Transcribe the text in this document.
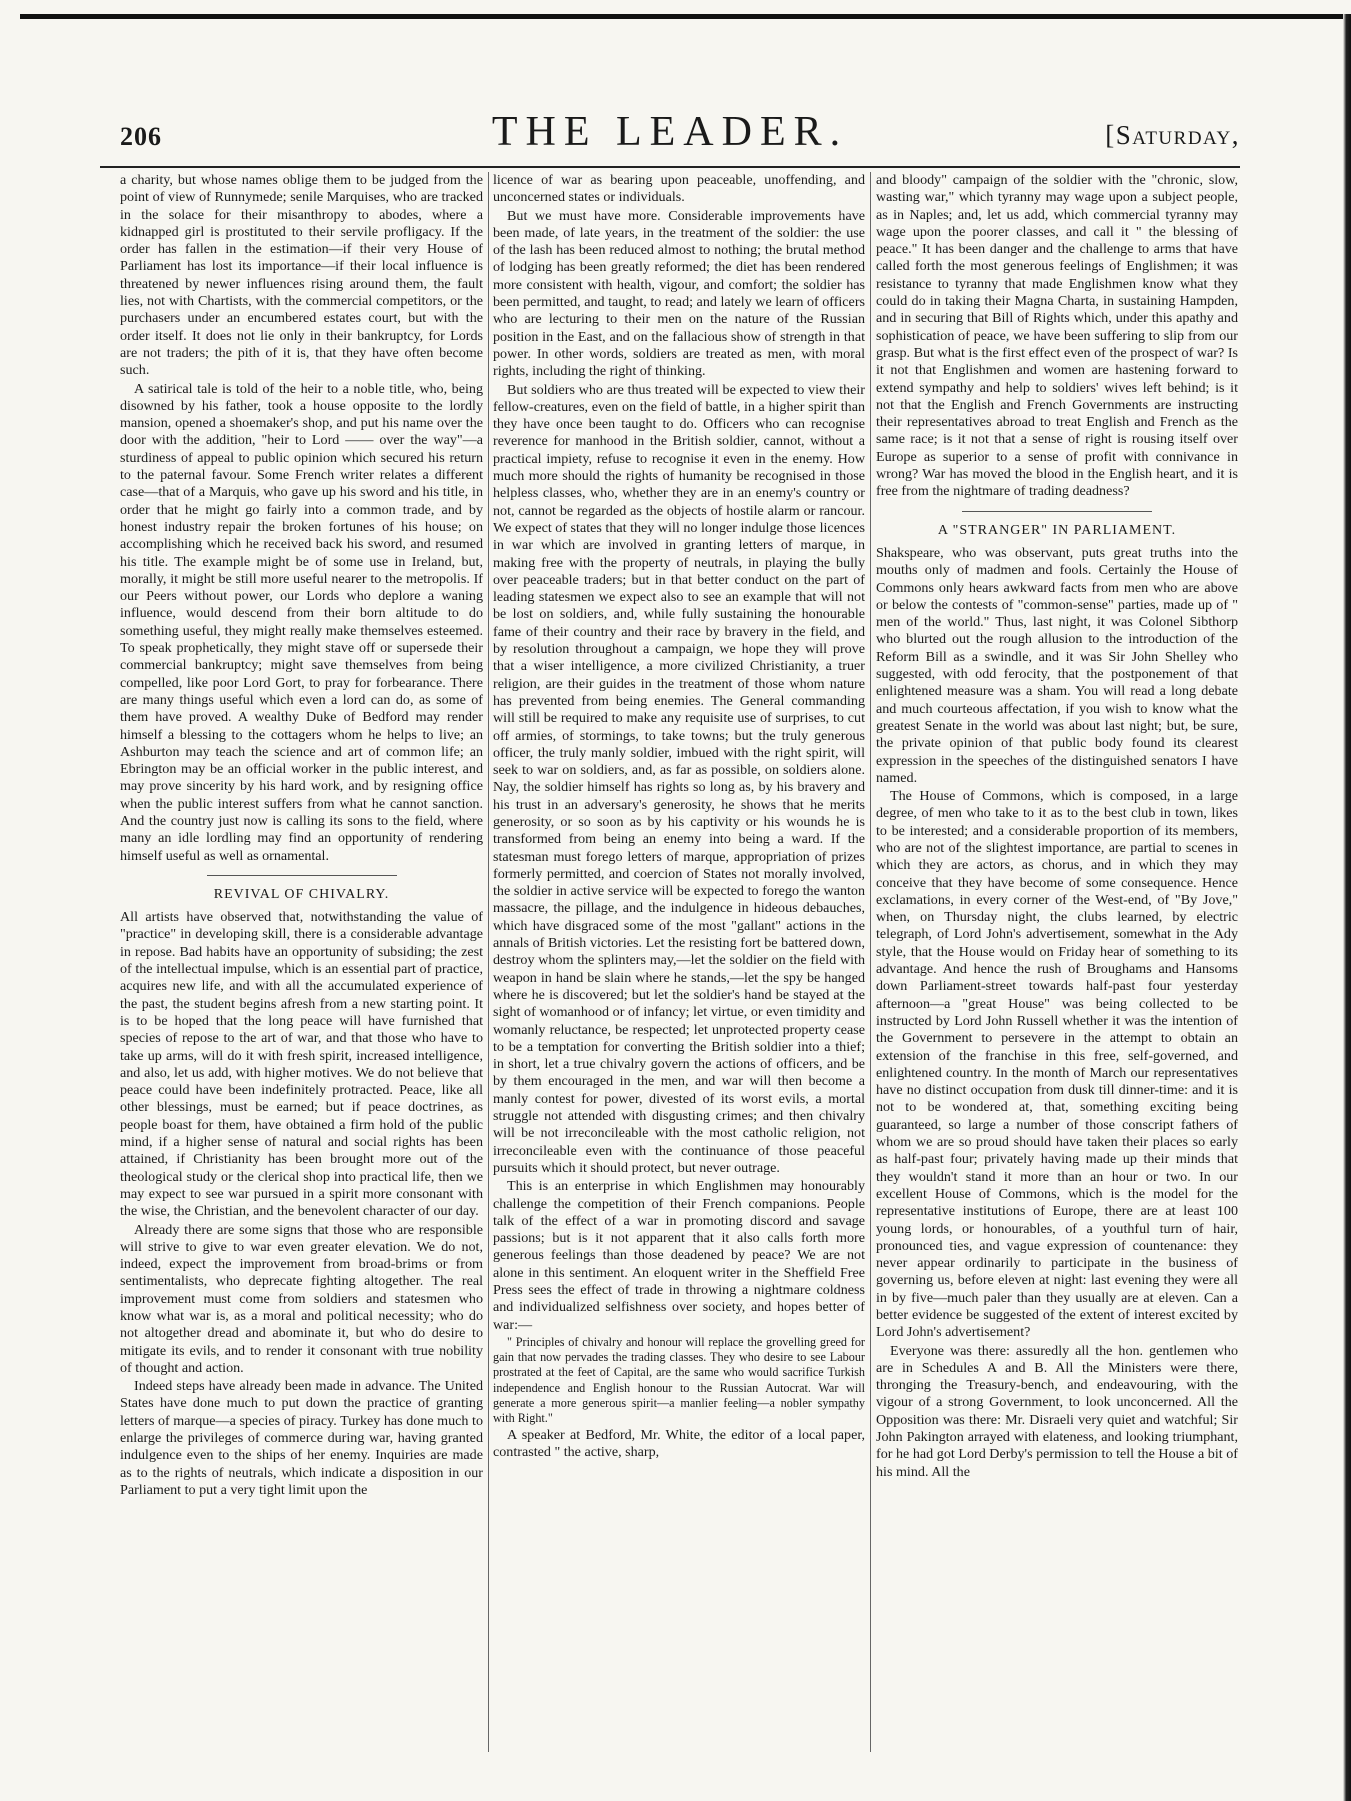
206	THE LEADER.	[Saturday,

a charity, but whose names oblige them to be judged from the point of view of Runnymede; senile Marquises, who are tracked in the solace for their misanthropy to abodes, where a kidnapped girl is prostituted to their servile profligacy. If the order has fallen in the estimation—if their very House of Parliament has lost its importance—if their local influence is threatened by newer influences rising around them, the fault lies, not with Chartists, with the commercial competitors, or the purchasers under an encumbered estates court, but with the order itself. It does not lie only in their bankruptcy, for Lords are not traders; the pith of it is, that they have often become such.

A satirical tale is told of the heir to a noble title, who, being disowned by his father, took a house opposite to the lordly mansion, opened a shoemaker's shop, and put his name over the door with the addition, "heir to Lord —— over the way"—a sturdiness of appeal to public opinion which secured his return to the paternal favour. Some French writer relates a different case—that of a Marquis, who gave up his sword and his title, in order that he might go fairly into a common trade, and by honest industry repair the broken fortunes of his house; on accomplishing which he received back his sword, and resumed his title. The example might be of some use in Ireland, but, morally, it might be still more useful nearer to the metropolis. If our Peers without power, our Lords who deplore a waning influence, would descend from their born altitude to do something useful, they might really make themselves esteemed. To speak prophetically, they might stave off or supersede their commercial bankruptcy; might save themselves from being compelled, like poor Lord Gort, to pray for forbearance. There are many things useful which even a lord can do, as some of them have proved. A wealthy Duke of Bedford may render himself a blessing to the cottagers whom he helps to live; an Ashburton may teach the science and art of common life; an Ebrington may be an official worker in the public interest, and may prove sincerity by his hard work, and by resigning office when the public interest suffers from what he cannot sanction. And the country just now is calling its sons to the field, where many an idle lordling may find an opportunity of rendering himself useful as well as ornamental.

REVIVAL OF CHIVALRY.

All artists have observed that, notwithstanding the value of "practice" in developing skill, there is a considerable advantage in repose. Bad habits have an opportunity of subsiding; the zest of the intellectual impulse, which is an essential part of practice, acquires new life, and with all the accumulated experience of the past, the student begins afresh from a new starting point. It is to be hoped that the long peace will have furnished that species of repose to the art of war, and that those who have to take up arms, will do it with fresh spirit, increased intelligence, and also, let us add, with higher motives. We do not believe that peace could have been indefinitely protracted. Peace, like all other blessings, must be earned; but if peace doctrines, as people boast for them, have obtained a firm hold of the public mind, if a higher sense of natural and social rights has been attained, if Christianity has been brought more out of the theological study or the clerical shop into practical life, then we may expect to see war pursued in a spirit more consonant with the wise, the Christian, and the benevolent character of our day.

Already there are some signs that those who are responsible will strive to give to war even greater elevation. We do not, indeed, expect the improvement from broad-brims or from sentimentalists, who deprecate fighting altogether. The real improvement must come from soldiers and statesmen who know what war is, as a moral and political necessity; who do not altogether dread and abominate it, but who do desire to mitigate its evils, and to render it consonant with true nobility of thought and action.

Indeed steps have already been made in advance. The United States have done much to put down the practice of granting letters of marque—a species of piracy. Turkey has done much to enlarge the privileges of commerce during war, having granted indulgence even to the ships of her enemy. Inquiries are made as to the rights of neutrals, which indicate a disposition in our Parliament to put a very tight limit upon the

licence of war as bearing upon peaceable, unoffending, and unconcerned states or individuals.

But we must have more. Considerable improvements have been made, of late years, in the treatment of the soldier: the use of the lash has been reduced almost to nothing; the brutal method of lodging has been greatly reformed; the diet has been rendered more consistent with health, vigour, and comfort; the soldier has been permitted, and taught, to read; and lately we learn of officers who are lecturing to their men on the nature of the Russian position in the East, and on the fallacious show of strength in that power. In other words, soldiers are treated as men, with moral rights, including the right of thinking.

But soldiers who are thus treated will be expected to view their fellow-creatures, even on the field of battle, in a higher spirit than they have once been taught to do. Officers who can recognise reverence for manhood in the British soldier, cannot, without a practical impiety, refuse to recognise it even in the enemy. How much more should the rights of humanity be recognised in those helpless classes, who, whether they are in an enemy's country or not, cannot be regarded as the objects of hostile alarm or rancour. We expect of states that they will no longer indulge those licences in war which are involved in granting letters of marque, in making free with the property of neutrals, in playing the bully over peaceable traders; but in that better conduct on the part of leading statesmen we expect also to see an example that will not be lost on soldiers, and, while fully sustaining the honourable fame of their country and their race by bravery in the field, and by resolution throughout a campaign, we hope they will prove that a wiser intelligence, a more civilized Christianity, a truer religion, are their guides in the treatment of those whom nature has prevented from being enemies. The General commanding will still be required to make any requisite use of surprises, to cut off armies, of stormings, to take towns; but the truly generous officer, the truly manly soldier, imbued with the right spirit, will seek to war on soldiers, and, as far as possible, on soldiers alone. Nay, the soldier himself has rights so long as, by his bravery and his trust in an adversary's generosity, he shows that he merits generosity, or so soon as by his captivity or his wounds he is transformed from being an enemy into being a ward. If the statesman must forego letters of marque, appropriation of prizes formerly permitted, and coercion of States not morally involved, the soldier in active service will be expected to forego the wanton massacre, the pillage, and the indulgence in hideous debauches, which have disgraced some of the most "gallant" actions in the annals of British victories. Let the resisting fort be battered down, destroy whom the splinters may,—let the soldier on the field with weapon in hand be slain where he stands,—let the spy be hanged where he is discovered; but let the soldier's hand be stayed at the sight of womanhood or of infancy; let virtue, or even timidity and womanly reluctance, be respected; let unprotected property cease to be a temptation for converting the British soldier into a thief; in short, let a true chivalry govern the actions of officers, and be by them encouraged in the men, and war will then become a manly contest for power, divested of its worst evils, a mortal struggle not attended with disgusting crimes; and then chivalry will be not irreconcileable with the most catholic religion, not irreconcileable even with the continuance of those peaceful pursuits which it should protect, but never outrage.

This is an enterprise in which Englishmen may honourably challenge the competition of their French companions. People talk of the effect of a war in promoting discord and savage passions; but is it not apparent that it also calls forth more generous feelings than those deadened by peace? We are not alone in this sentiment. An eloquent writer in the Sheffield Free Press sees the effect of trade in throwing a nightmare coldness and individualized selfishness over society, and hopes better of war:—

" Principles of chivalry and honour will replace the grovelling greed for gain that now pervades the trading classes. They who desire to see Labour prostrated at the feet of Capital, are the same who would sacrifice Turkish independence and English honour to the Russian Autocrat. War will generate a more generous spirit—a manlier feeling—a nobler sympathy with Right."

A speaker at Bedford, Mr. White, the editor of a local paper, contrasted " the active, sharp,

and bloody" campaign of the soldier with the "chronic, slow, wasting war," which tyranny may wage upon a subject people, as in Naples; and, let us add, which commercial tyranny may wage upon the poorer classes, and call it " the blessing of peace." It has been danger and the challenge to arms that have called forth the most generous feelings of Englishmen; it was resistance to tyranny that made Englishmen know what they could do in taking their Magna Charta, in sustaining Hampden, and in securing that Bill of Rights which, under this apathy and sophistication of peace, we have been suffering to slip from our grasp. But what is the first effect even of the prospect of war? Is it not that Englishmen and women are hastening forward to extend sympathy and help to soldiers' wives left behind; is it not that the English and French Governments are instructing their representatives abroad to treat English and French as the same race; is it not that a sense of right is rousing itself over Europe as superior to a sense of profit with connivance in wrong? War has moved the blood in the English heart, and it is free from the nightmare of trading deadness?

A "STRANGER" IN PARLIAMENT.

Shakspeare, who was observant, puts great truths into the mouths only of madmen and fools. Certainly the House of Commons only hears awkward facts from men who are above or below the contests of "common-sense" parties, made up of " men of the world." Thus, last night, it was Colonel Sibthorp who blurted out the rough allusion to the introduction of the Reform Bill as a swindle, and it was Sir John Shelley who suggested, with odd ferocity, that the postponement of that enlightened measure was a sham. You will read a long debate and much courteous affectation, if you wish to know what the greatest Senate in the world was about last night; but, be sure, the private opinion of that public body found its clearest expression in the speeches of the distinguished senators I have named.

The House of Commons, which is composed, in a large degree, of men who take to it as to the best club in town, likes to be interested; and a considerable proportion of its members, who are not of the slightest importance, are partial to scenes in which they are actors, as chorus, and in which they may conceive that they have become of some consequence. Hence exclamations, in every corner of the West-end, of "By Jove," when, on Thursday night, the clubs learned, by electric telegraph, of Lord John's advertisement, somewhat in the Ady style, that the House would on Friday hear of something to its advantage. And hence the rush of Broughams and Hansoms down Parliament-street towards half-past four yesterday afternoon—a "great House" was being collected to be instructed by Lord John Russell whether it was the intention of the Government to persevere in the attempt to obtain an extension of the franchise in this free, self-governed, and enlightened country. In the month of March our representatives have no distinct occupation from dusk till dinner-time: and it is not to be wondered at, that, something exciting being guaranteed, so large a number of those conscript fathers of whom we are so proud should have taken their places so early as half-past four; privately having made up their minds that they wouldn't stand it more than an hour or two. In our excellent House of Commons, which is the model for the representative institutions of Europe, there are at least 100 young lords, or honourables, of a youthful turn of hair, pronounced ties, and vague expression of countenance: they never appear ordinarily to participate in the business of governing us, before eleven at night: last evening they were all in by five—much paler than they usually are at eleven. Can a better evidence be suggested of the extent of interest excited by Lord John's advertisement?

Everyone was there: assuredly all the hon. gentlemen who are in Schedules A and B. All the Ministers were there, thronging the Treasury-bench, and endeavouring, with the vigour of a strong Government, to look unconcerned. All the Opposition was there: Mr. Disraeli very quiet and watchful; Sir John Pakington arrayed with elateness, and looking triumphant, for he had got Lord Derby's permission to tell the House a bit of his mind. All the
